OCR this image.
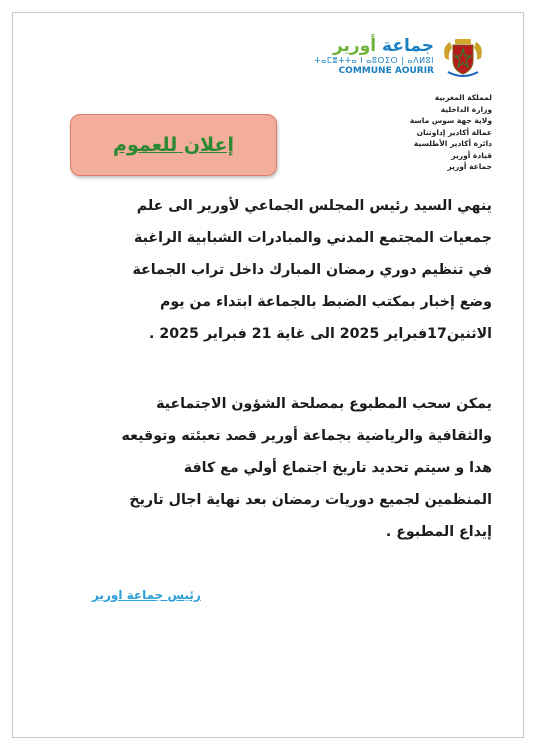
جماعة أورير
ⵜⴰⵎⴻⵜⵜⴰ ⵏ ⴰⵓⵔⵉⵔ | ⴰⴷⵍⵓⵏ
COMMUNE AOURIR
لمملكة المغربية
وزارة الداخلية
ولاية جهة سوس ماسة
عمالة أكادير إداوتنان
دائرة أكادير الأطلسية
قيادة أورير
جماعة أورير
إعلان للعموم
ينهي السيد رئيس المجلس الجماعي لأورير الى علم
جمعيات المجتمع المدني والمبادرات الشبابية الراغبة
في تنظيم دوري رمضان المبارك داخل تراب الجماعة
وضع إخبار بمكتب الضبط بالجماعة ابتداء من يوم
الاثنين17فبراير 2025 الى غاية 21 فبراير 2025 .
يمكن سحب المطبوع بمصلحة الشؤون الاجتماعية
والثقافية والرياضية بجماعة أورير قصد تعبئته وتوقيعه
هدا و سيتم تحديد تاريخ اجتماع أولي مع كافة
المنظمين لجميع دوريات رمضان بعد نهاية اجال تاريخ
إيداع المطبوع .
رئيس جماعة اورير
